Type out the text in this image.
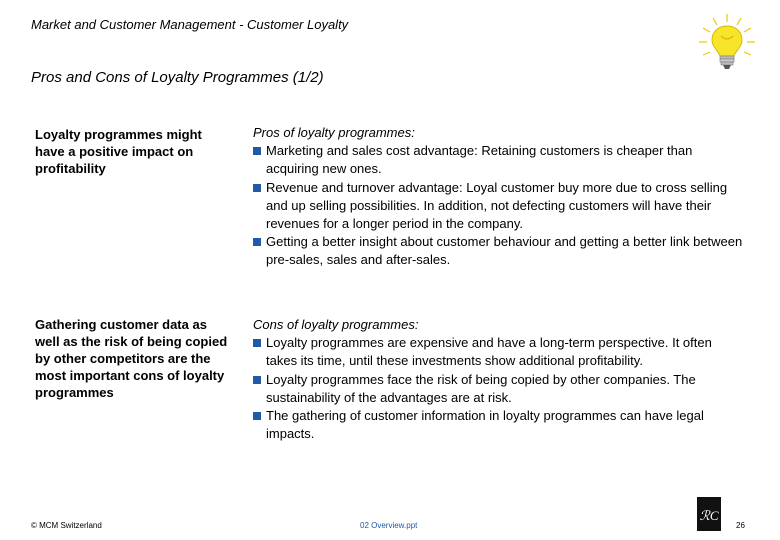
Market and Customer Management - Customer Loyalty
Pros and Cons of Loyalty Programmes (1/2)
Loyalty programmes might have a positive impact on profitability
Pros of loyalty programmes:
Marketing and sales cost advantage: Retaining customers is cheaper than acquiring new ones.
Revenue and turnover advantage: Loyal customer buy more due to cross selling and up selling possibilities. In addition, not defecting customers will have their revenues for a longer period in the company.
Getting a better insight about customer behaviour and getting a better link between pre-sales, sales and after-sales.
Gathering customer data as well as the risk of being copied by other competitors are the most important cons of loyalty programmes
Cons of loyalty programmes:
Loyalty programmes are expensive and have a long-term perspective. It often takes its time, until these investments show additional profitability.
Loyalty programmes face the risk of being copied by other companies. The sustainability of the advantages are at risk.
The gathering of customer information in loyalty programmes can have legal impacts.
© MCM Switzerland	02 Overview.ppt
ℛC
26
